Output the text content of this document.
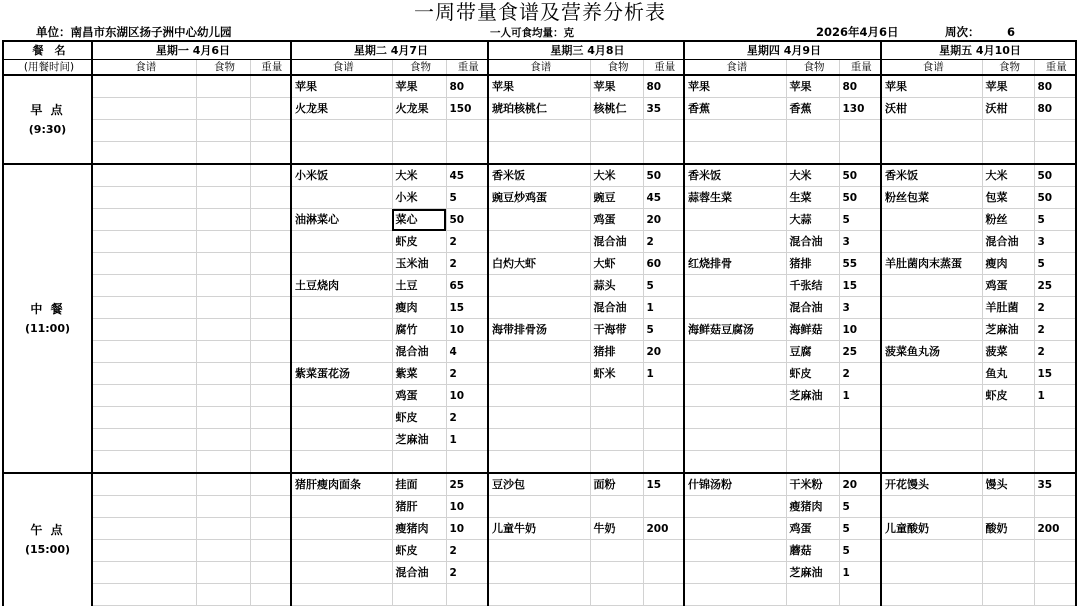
一周带量食谱及营养分析表
单位：南昌市东湖区扬子洲中心幼儿园	一人可食均量：克	2026年4月6日	周次： 6
餐　名	星期一 4月6日			星期二 4月7日			星期三 4月8日			星期四 4月9日			星期五 4月10日		
(用餐时间)	食谱	食物	重量	食谱	食物	重量	食谱	食物	重量	食谱	食物	重量	食谱	食物	重量

早 点
(9:30)				苹果	苹果	80	苹果	苹果	80	苹果	苹果	80	苹果	苹果	80
				火龙果	火龙果	150	琥珀核桃仁	核桃仁	35	香蕉	香蕉	130	沃柑	沃柑	80

中 餐
(11:00)				小米饭	大米	45	香米饭	大米	50	香米饭	大米	50	香米饭	大米	50
					小米	5	豌豆炒鸡蛋	豌豆	45	蒜蓉生菜	生菜	50	粉丝包菜	包菜	50
				油淋菜心	菜心	50		鸡蛋	20		大蒜	5		粉丝	5
					虾皮	2		混合油	2		混合油	3		混合油	3
					玉米油	2	白灼大虾	大虾	60	红烧排骨	猪排	55	羊肚菌肉末蒸蛋	瘦肉	5
				土豆烧肉	土豆	65		蒜头	5		千张结	15		鸡蛋	25
					瘦肉	15		混合油	1		混合油	3		羊肚菌	2
					腐竹	10	海带排骨汤	干海带	5	海鲜菇豆腐汤	海鲜菇	10		芝麻油	2
					混合油	4		猪排	20		豆腐	25	菠菜鱼丸汤	菠菜	2
				紫菜蛋花汤	紫菜	2		虾米	1		虾皮	2		鱼丸	15
					鸡蛋	10					芝麻油	1		虾皮	1
					虾皮	2									
					芝麻油	1									

午 点
(15:00)				猪肝瘦肉面条	挂面	25	豆沙包	面粉	15	什锦汤粉	干米粉	20	开花馒头	馒头	35
					猪肝	10					瘦猪肉	5			
					瘦猪肉	10	儿童牛奶	牛奶	200		鸡蛋	5	儿童酸奶	酸奶	200
					虾皮	2					蘑菇	5			
					混合油	2					芝麻油	1			
